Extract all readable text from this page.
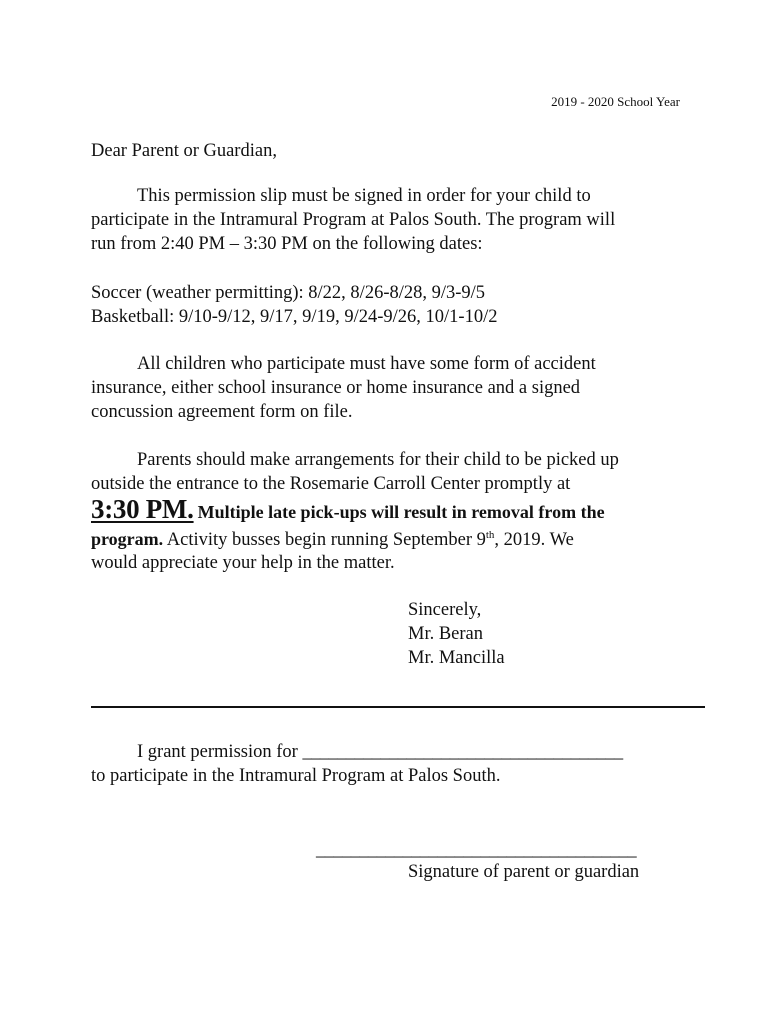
2019 - 2020 School Year
Dear Parent or Guardian,
This permission slip must be signed in order for your child to
participate in the Intramural Program at Palos South. The program will
run from 2:40 PM – 3:30 PM on the following dates:
Soccer (weather permitting): 8/22, 8/26-8/28, 9/3-9/5
Basketball: 9/10-9/12, 9/17, 9/19, 9/24-9/26, 10/1-10/2
All children who participate must have some form of accident
insurance, either school insurance or home insurance and a signed
concussion agreement form on file.
Parents should make arrangements for their child to be picked up
outside the entrance to the Rosemarie Carroll Center promptly at
3:30 PM. Multiple late pick-ups will result in removal from the
program. Activity busses begin running September 9th, 2019. We
would appreciate your help in the matter.
Sincerely,
Mr. Beran
Mr. Mancilla
I grant permission for _____________________________________
to participate in the Intramural Program at Palos South.
_____________________________________
Signature of parent or guardian
